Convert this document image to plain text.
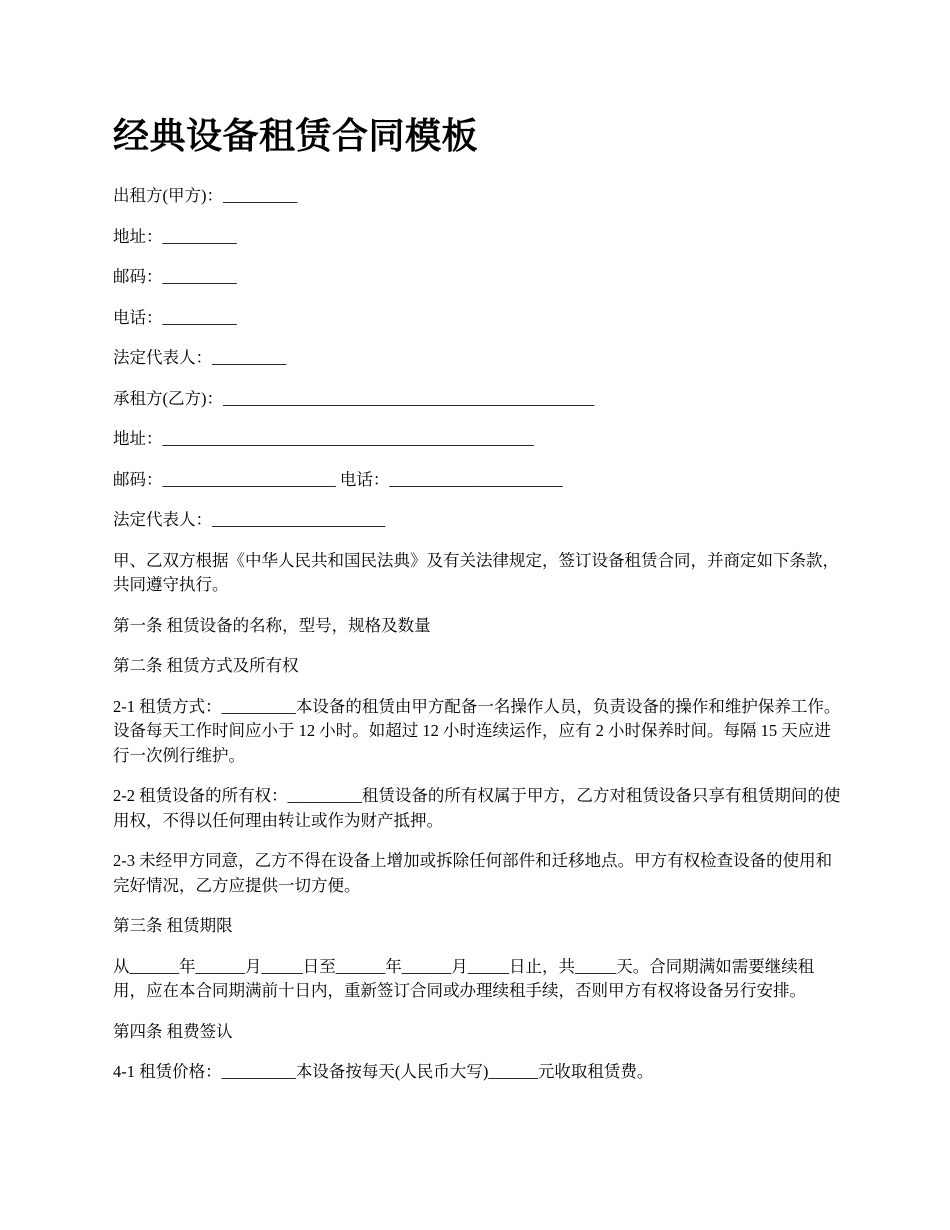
经典设备租赁合同模板

出租方(甲方)：_________

地址：_________

邮码：_________

电话：_________

法定代表人：_________

承租方(乙方)：_____________________________________________

地址：_____________________________________________

邮码：_____________________ 电话：_____________________

法定代表人：_____________________

甲、乙双方根据《中华人民共和国民法典》及有关法律规定，签订设备租赁合同，并商定如下条款，共同遵守执行。

第一条 租赁设备的名称，型号，规格及数量

第二条 租赁方式及所有权

2-1 租赁方式：_________本设备的租赁由甲方配备一名操作人员，负责设备的操作和维护保养工作。设备每天工作时间应小于 12 小时。如超过 12 小时连续运作，应有 2 小时保养时间。每隔 15 天应进行一次例行维护。

2-2 租赁设备的所有权：_________租赁设备的所有权属于甲方，乙方对租赁设备只享有租赁期间的使用权，不得以任何理由转让或作为财产抵押。

2-3 未经甲方同意，乙方不得在设备上增加或拆除任何部件和迁移地点。甲方有权检查设备的使用和完好情况，乙方应提供一切方便。

第三条 租赁期限

从______年______月_____日至______年______月_____日止，共_____天。合同期满如需要继续租用，应在本合同期满前十日内，重新签订合同或办理续租手续，否则甲方有权将设备另行安排。

第四条 租费签认

4-1 租赁价格：_________本设备按每天(人民币大写)______元收取租赁费。
